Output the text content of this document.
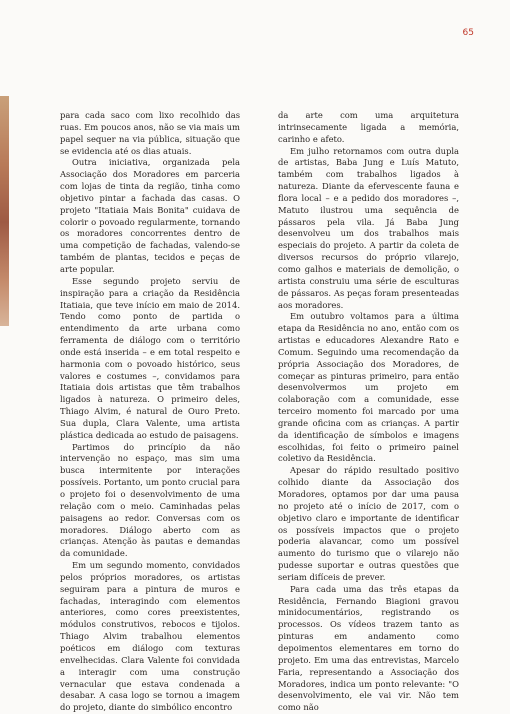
65

para cada saco com lixo recolhido das ruas. Em poucos anos, não se via mais um papel sequer na via pública, situação que se evidencia até os dias atuais.

Outra iniciativa, organizada pela Associação dos Moradores em parceria com lojas de tinta da região, tinha como objetivo pintar a fachada das casas. O projeto "Itatiaia Mais Bonita" cuidava de colorir o povoado regularmente, tornando os moradores concorrentes dentro de uma competição de fachadas, valendo-se também de plantas, tecidos e peças de arte popular.

Esse segundo projeto serviu de inspiração para a criação da Residência Itatiaia, que teve início em maio de 2014. Tendo como ponto de partida o entendimento da arte urbana como ferramenta de diálogo com o território onde está inserida – e em total respeito e harmonia com o povoado histórico, seus valores e costumes –, convidamos para Itatiaia dois artistas que têm trabalhos ligados à natureza. O primeiro deles, Thiago Alvim, é natural de Ouro Preto. Sua dupla, Clara Valente, uma artista plástica dedicada ao estudo de paisagens.

Partimos do princípio da não intervenção no espaço, mas sim uma busca intermitente por interações possíveis. Portanto, um ponto crucial para o projeto foi o desenvolvimento de uma relação com o meio. Caminhadas pelas paisagens ao redor. Conversas com os moradores. Diálogo aberto com as crianças. Atenção às pautas e demandas da comunidade.

Em um segundo momento, convidados pelos próprios moradores, os artistas seguiram para a pintura de muros e fachadas, interagindo com elementos anteriores, como cores preexistentes, módulos construtivos, rebocos e tijolos. Thiago Alvim trabalhou elementos poéticos em diálogo com texturas envelhecidas. Clara Valente foi convidada a interagir com uma construção vernacular que estava condenada a desabar. A casa logo se tornou a imagem do projeto, diante do simbólico encontro

da arte com uma arquitetura intrinsecamente ligada a memória, carinho e afeto.

Em julho retornamos com outra dupla de artistas, Baba Jung e Luís Matuto, também com trabalhos ligados à natureza. Diante da efervescente fauna e flora local – e a pedido dos moradores –, Matuto ilustrou uma sequência de pássaros pela vila. Já Baba Jung desenvolveu um dos trabalhos mais especiais do projeto. A partir da coleta de diversos recursos do próprio vilarejo, como galhos e materiais de demolição, o artista construiu uma série de esculturas de pássaros. As peças foram presenteadas aos moradores.

Em outubro voltamos para a última etapa da Residência no ano, então com os artistas e educadores Alexandre Rato e Comum. Seguindo uma recomendação da própria Associação dos Moradores, de começar as pinturas primeiro, para então desenvolvermos um projeto em colaboração com a comunidade, esse terceiro momento foi marcado por uma grande oficina com as crianças. A partir da identificação de símbolos e imagens escolhidas, foi feito o primeiro painel coletivo da Residência.

Apesar do rápido resultado positivo colhido diante da Associação dos Moradores, optamos por dar uma pausa no projeto até o início de 2017, com o objetivo claro e importante de identificar os possíveis impactos que o projeto poderia alavancar, como um possível aumento do turismo que o vilarejo não pudesse suportar e outras questões que seriam difíceis de prever.

Para cada uma das três etapas da Residência, Fernando Biagioni gravou minidocumentários, registrando os processos. Os vídeos trazem tanto as pinturas em andamento como depoimentos elementares em torno do projeto. Em uma das entrevistas, Marcelo Faria, representando a Associação dos Moradores, indica um ponto relevante: "O desenvolvimento, ele vai vir. Não tem como não
